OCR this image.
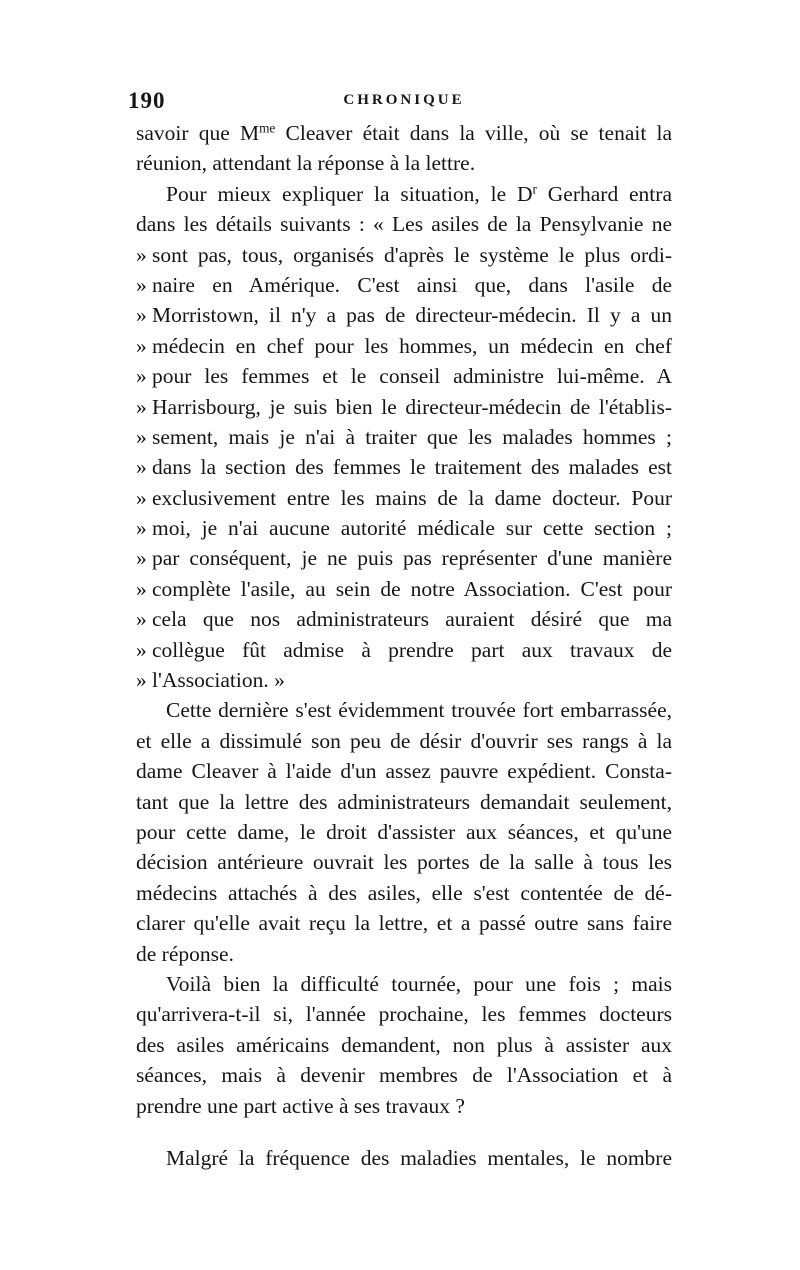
190	CHRONIQUE
savoir que $M^{me}$ Cleaver était dans la ville, où se tenait la
réunion, attendant la réponse à la lettre.
Pour mieux expliquer la situation, le $D^r$ Gerhard entra
dans les détails suivants : « Les asiles de la Pensylvanie ne
» sont pas, tous, organisés d'après le système le plus ordi-
» naire en Amérique. C'est ainsi que, dans l'asile de
» Morristown, il n'y a pas de directeur-médecin. Il y a un
» médecin en chef pour les hommes, un médecin en chef
» pour les femmes et le conseil administre lui-même. A
» Harrisbourg, je suis bien le directeur-médecin de l'établis-
» sement, mais je n'ai à traiter que les malades hommes ;
» dans la section des femmes le traitement des malades est
» exclusivement entre les mains de la dame docteur. Pour
» moi, je n'ai aucune autorité médicale sur cette section ;
» par conséquent, je ne puis pas représenter d'une manière
» complète l'asile, au sein de notre Association. C'est pour
» cela que nos administrateurs auraient désiré que ma
» collègue fût admise à prendre part aux travaux de
» l'Association. »
Cette dernière s'est évidemment trouvée fort embarrassée,
et elle a dissimulé son peu de désir d'ouvrir ses rangs à la
dame Cleaver à l'aide d'un assez pauvre expédient. Consta-
tant que la lettre des administrateurs demandait seulement,
pour cette dame, le droit d'assister aux séances, et qu'une
décision antérieure ouvrait les portes de la salle à tous les
médecins attachés à des asiles, elle s'est contentée de dé-
clarer qu'elle avait reçu la lettre, et a passé outre sans faire
de réponse.
Voilà bien la difficulté tournée, pour une fois ; mais
qu'arrivera-t-il si, l'année prochaine, les femmes docteurs
des asiles américains demandent, non plus à assister aux
séances, mais à devenir membres de l'Association et à
prendre une part active à ses travaux ?
Malgré la fréquence des maladies mentales, le nombre
